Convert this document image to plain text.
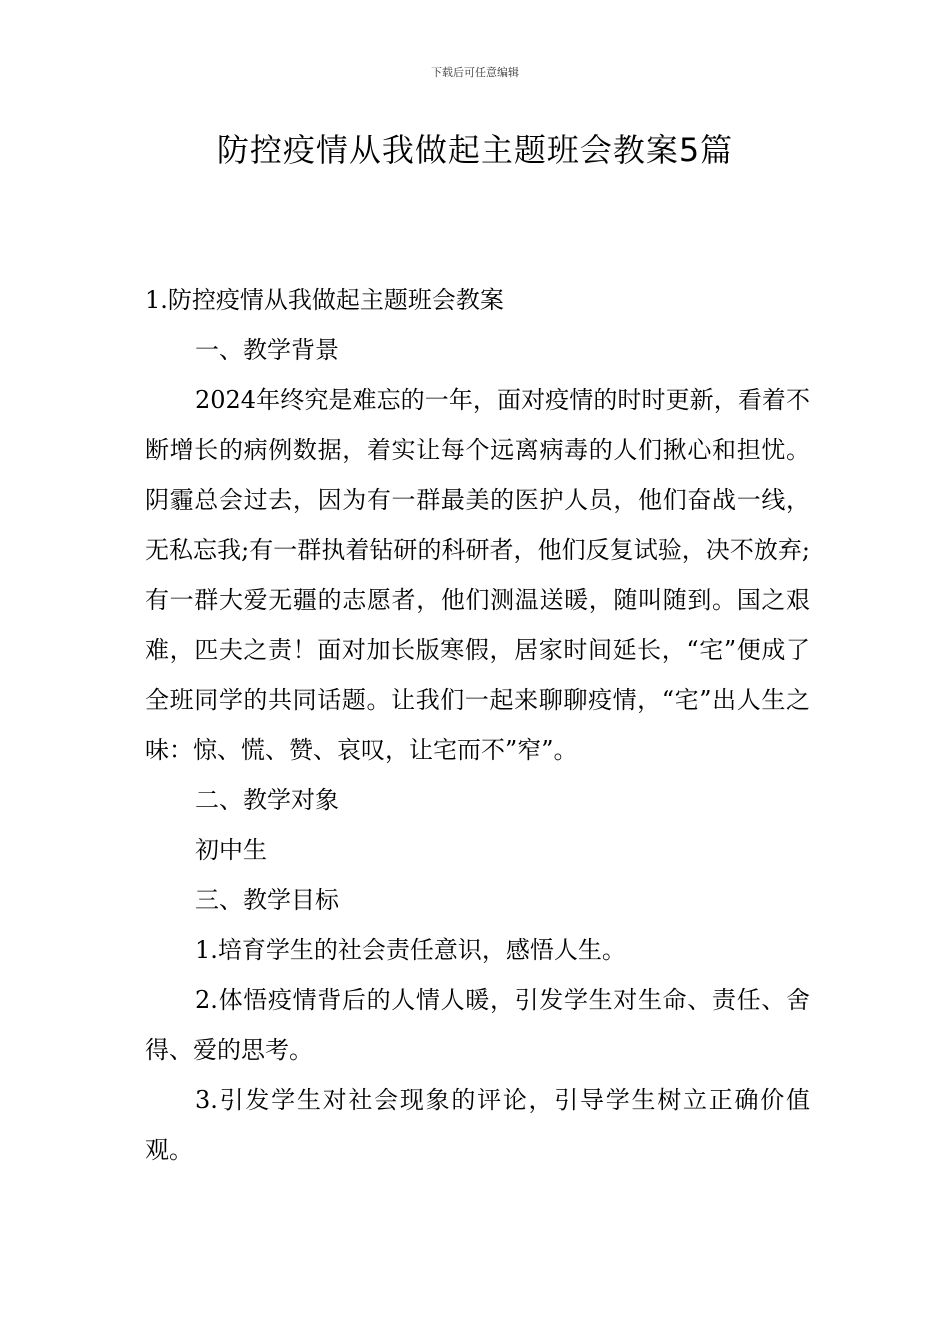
下载后可任意编辑
防控疫情从我做起主题班会教案5篇

1.防控疫情从我做起主题班会教案

一、教学背景

2024年终究是难忘的一年，面对疫情的时时更新，看着不断增长的病例数据，着实让每个远离病毒的人们揪心和担忧。阴霾总会过去，因为有一群最美的医护人员，他们奋战一线，无私忘我;有一群执着钻研的科研者，他们反复试验，决不放弃;有一群大爱无疆的志愿者，他们测温送暖，随叫随到。国之艰难，匹夫之责！面对加长版寒假，居家时间延长，“宅”便成了全班同学的共同话题。让我们一起来聊聊疫情，“宅”出人生之味：惊、慌、赞、哀叹，让宅而不”窄”。

二、教学对象

初中生

三、教学目标

1.培育学生的社会责任意识，感悟人生。

2.体悟疫情背后的人情人暖，引发学生对生命、责任、舍得、爱的思考。

3.引发学生对社会现象的评论，引导学生树立正确价值观。
